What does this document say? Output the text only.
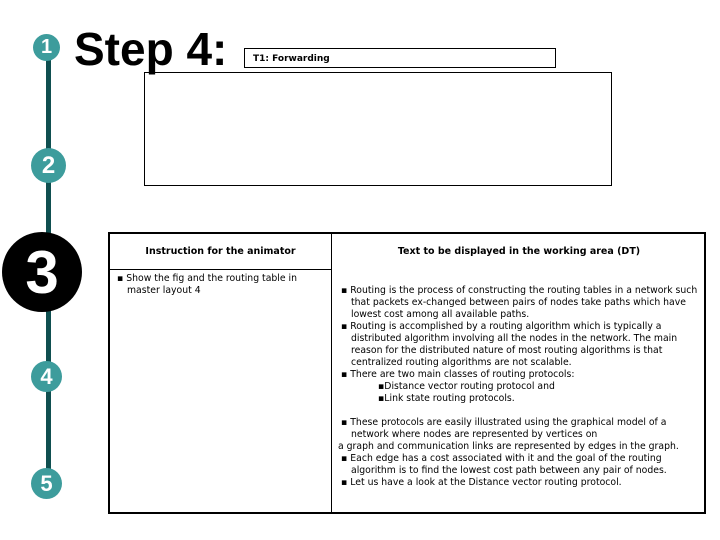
1
2
3
4
5
Step 4:	T1: Forwarding
Instruction for the animator	Text to be displayed in the working area (DT)

▪ Show the fig and the routing table in master layout 4	▪ Routing is the process of constructing the routing tables in a network such that packets ex-changed between pairs of nodes take paths which have lowest cost among all available paths.

▪ Routing is accomplished by a routing algorithm which is typically a distributed algorithm involving all the nodes in the network. The main reason for the distributed nature of most routing algorithms is that centralized routing algorithms are not scalable.

▪ There are two main classes of routing protocols:

▪Distance vector routing protocol and

▪Link state routing protocols.

▪ These protocols are easily illustrated using the graphical model of a network where nodes are represented by vertices on

a graph and communication links are represented by edges in the graph.

▪ Each edge has a cost associated with it and the goal of the routing algorithm is to find the lowest cost path between any pair of nodes.

▪ Let us have a look at the Distance vector routing protocol.
